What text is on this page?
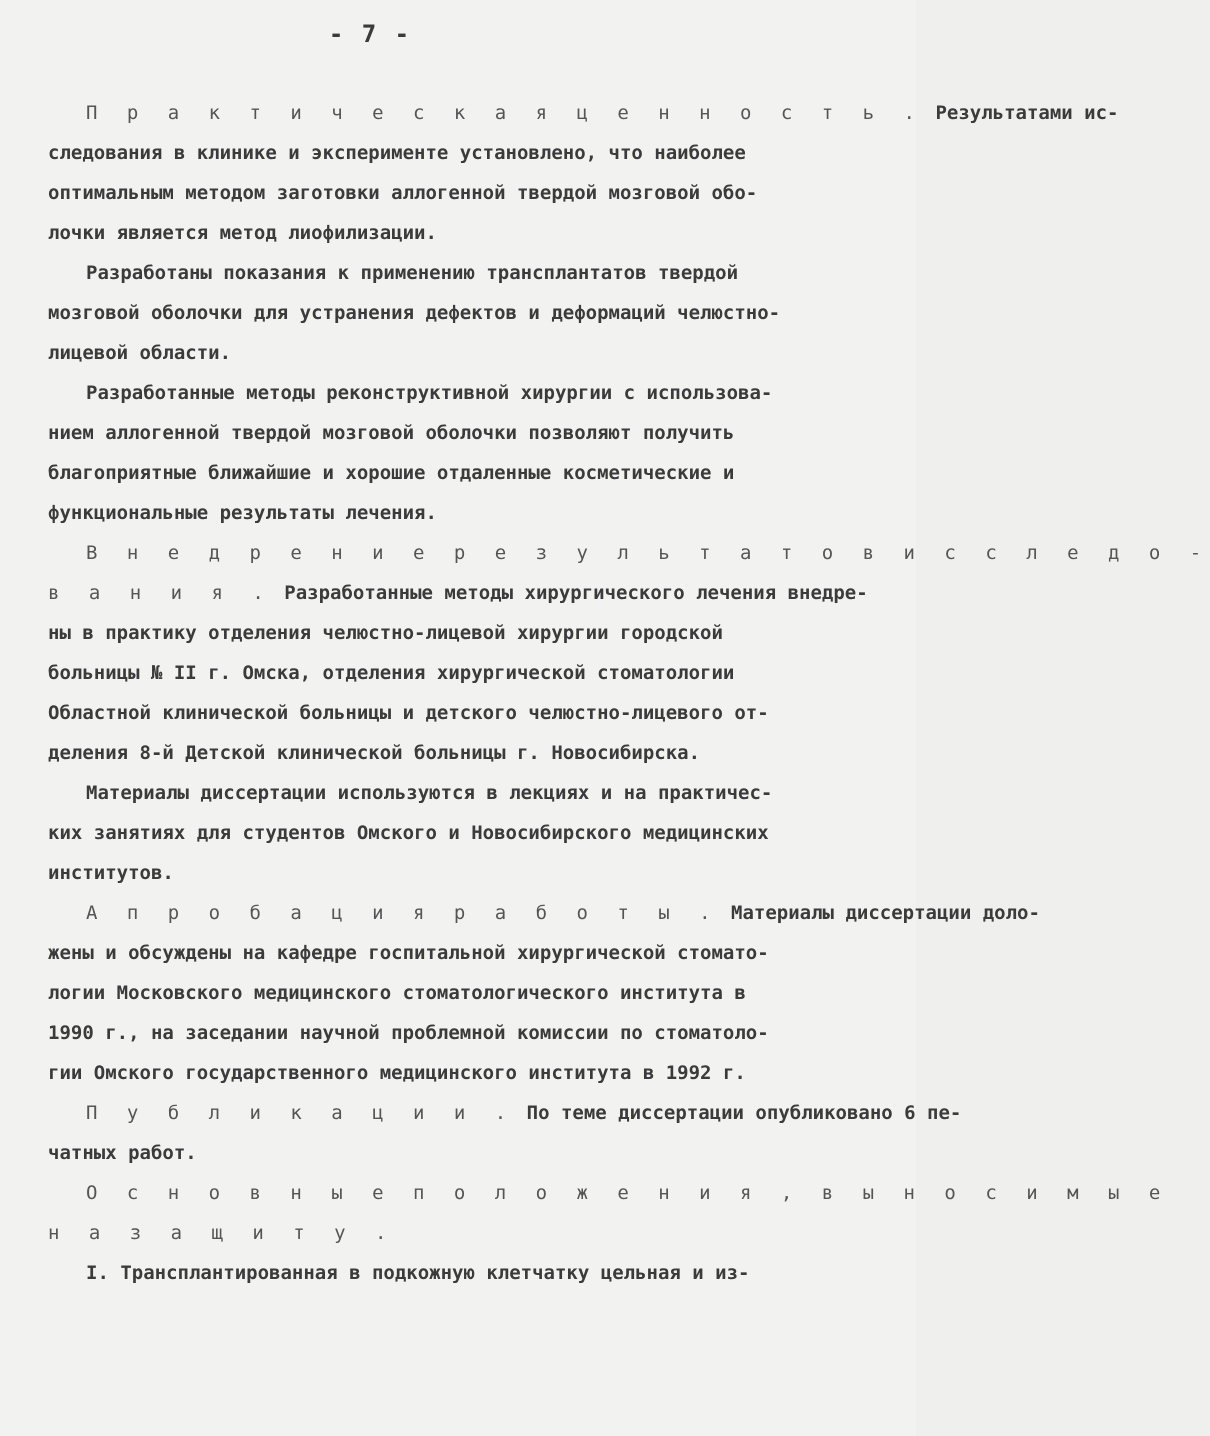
- 7 -
П р а к т и ч е с к а я ц е н н о с т ь . Результатами ис-
следования в клинике и эксперименте установлено, что наиболее
оптимальным методом заготовки аллогенной твердой мозговой обо-
лочки является метод лиофилизации.
Разработаны показания к применению трансплантатов твердой
мозговой оболочки для устранения дефектов и деформаций челюстно-
лицевой области.
Разработанные методы реконструктивной хирургии с использова-
нием аллогенной твердой мозговой оболочки позволяют получить
благоприятные ближайшие и хорошие отдаленные косметические и
функциональные результаты лечения.
В н е д р е н и е р е з у л ь т а т о в и с с л е д о -
в а н и я . Разработанные методы хирургического лечения внедре-
ны в практику отделения челюстно-лицевой хирургии городской
больницы № II г. Омска, отделения хирургической стоматологии
Областной клинической больницы и детского челюстно-лицевого от-
деления 8-й Детской клинической больницы г. Новосибирска.
Материалы диссертации используются в лекциях и на практичес-
ких занятиях для студентов Омского и Новосибирского медицинских
институтов.
А п р о б а ц и я р а б о т ы . Материалы диссертации доло-
жены и обсуждены на кафедре госпитальной хирургической стомато-
логии Московского медицинского стоматологического института в
1990 г., на заседании научной проблемной комиссии по стоматоло-
гии Омского государственного медицинского института в 1992 г.
П у б л и к а ц и и . По теме диссертации опубликовано 6 пе-
чатных работ.
О с н о в н ы е п о л о ж е н и я , в ы н о с и м ы е
н а з а щ и т у .
I. Трансплантированная в подкожную клетчатку цельная и из-
